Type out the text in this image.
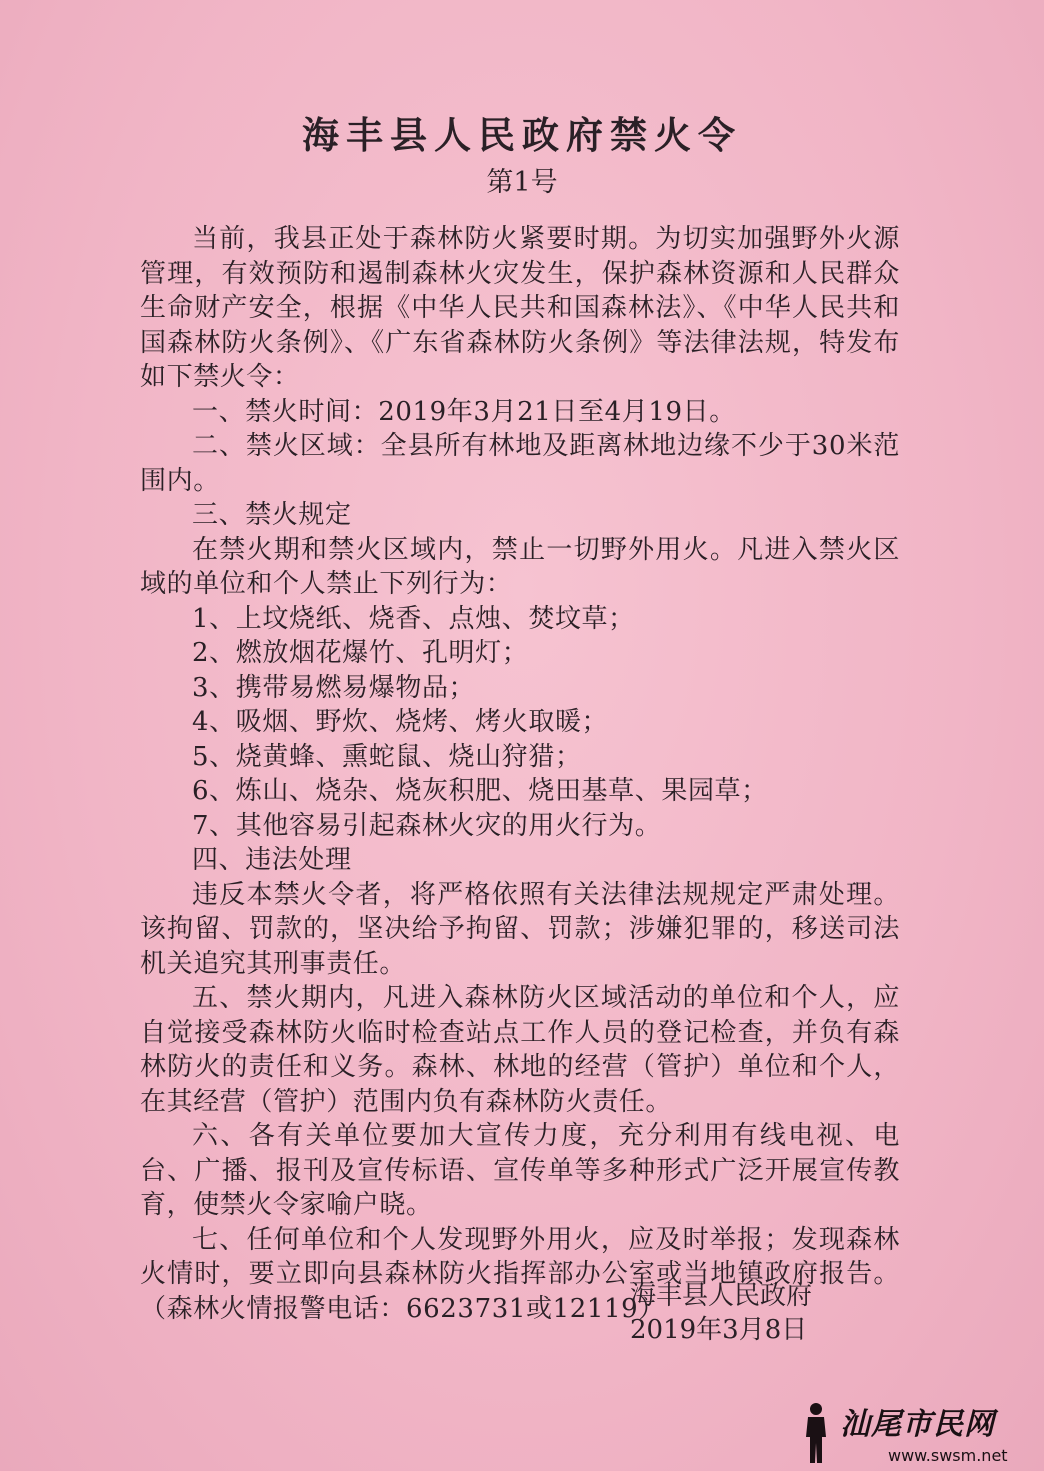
海丰县人民政府禁火令
第1号

当前，我县正处于森林防火紧要时期。为切实加强野外火源管理，有效预防和遏制森林火灾发生，保护森林资源和人民群众生命财产安全，根据《中华人民共和国森林法》、《中华人民共和国森林防火条例》、《广东省森林防火条例》等法律法规，特发布如下禁火令：

一、禁火时间：2019年3月21日至4月19日。

二、禁火区域：全县所有林地及距离林地边缘不少于30米范围内。

三、禁火规定

在禁火期和禁火区域内，禁止一切野外用火。凡进入禁火区域的单位和个人禁止下列行为：

1、上坟烧纸、烧香、点烛、焚坟草；

2、燃放烟花爆竹、孔明灯；

3、携带易燃易爆物品；

4、吸烟、野炊、烧烤、烤火取暖；

5、烧黄蜂、熏蛇鼠、烧山狩猎；

6、炼山、烧杂、烧灰积肥、烧田基草、果园草；

7、其他容易引起森林火灾的用火行为。

四、违法处理

违反本禁火令者，将严格依照有关法律法规规定严肃处理。该拘留、罚款的，坚决给予拘留、罚款；涉嫌犯罪的，移送司法机关追究其刑事责任。

五、禁火期内，凡进入森林防火区域活动的单位和个人，应自觉接受森林防火临时检查站点工作人员的登记检查，并负有森林防火的责任和义务。森林、林地的经营（管护）单位和个人，在其经营（管护）范围内负有森林防火责任。

六、各有关单位要加大宣传力度，充分利用有线电视、电台、广播、报刊及宣传标语、宣传单等多种形式广泛开展宣传教育，使禁火令家喻户晓。

七、任何单位和个人发现野外用火，应及时举报；发现森林火情时，要立即向县森林防火指挥部办公室或当地镇政府报告。（森林火情报警电话：6623731或12119）

海丰县人民政府
2019年3月8日
汕尾市民网
www.swsm.net
